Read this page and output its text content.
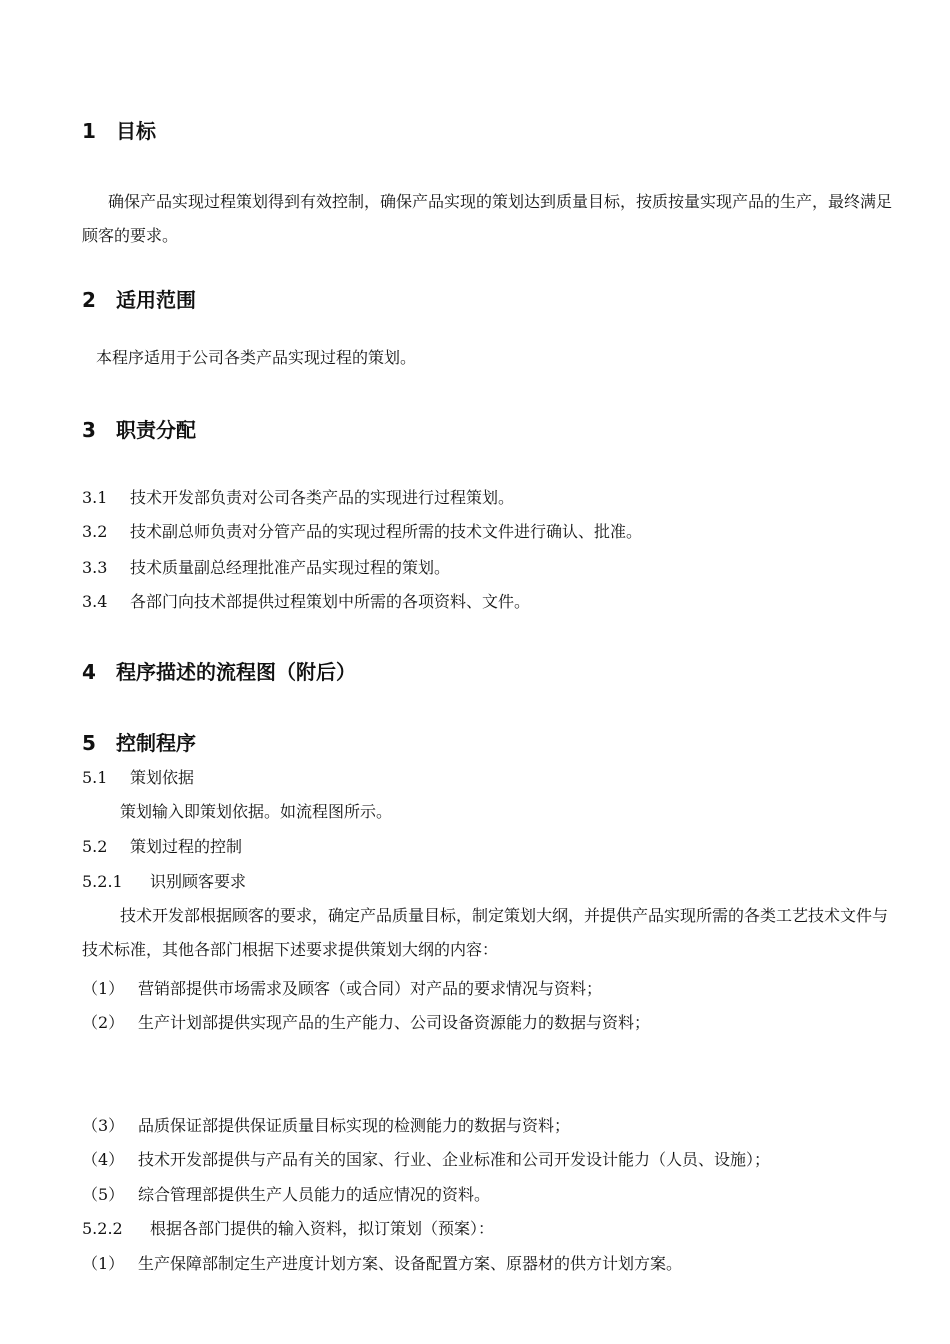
1 目标
确保产品实现过程策划得到有效控制，确保产品实现的策划达到质量目标，按质按量实现产品的生产，最终满足顾客的要求。
2 适用范围
本程序适用于公司各类产品实现过程的策划。
3 职责分配
3.1 技术开发部负责对公司各类产品的实现进行过程策划。
3.2 技术副总师负责对分管产品的实现过程所需的技术文件进行确认、批准。
3.3 技术质量副总经理批准产品实现过程的策划。
3.4 各部门向技术部提供过程策划中所需的各项资料、文件。
4 程序描述的流程图（附后）
5 控制程序
5.1 策划依据
策划输入即策划依据。如流程图所示。
5.2 策划过程的控制
5.2.1 识别顾客要求
技术开发部根据顾客的要求，确定产品质量目标，制定策划大纲，并提供产品实现所需的各类工艺技术文件与技术标准，其他各部门根据下述要求提供策划大纲的内容：
（1） 营销部提供市场需求及顾客（或合同）对产品的要求情况与资料；
（2） 生产计划部提供实现产品的生产能力、公司设备资源能力的数据与资料；
（3） 品质保证部提供保证质量目标实现的检测能力的数据与资料；
（4） 技术开发部提供与产品有关的国家、行业、企业标准和公司开发设计能力（人员、设施）；
（5） 综合管理部提供生产人员能力的适应情况的资料。
5.2.2 根据各部门提供的输入资料，拟订策划（预案）：
（1） 生产保障部制定生产进度计划方案、设备配置方案、原器材的供方计划方案。
